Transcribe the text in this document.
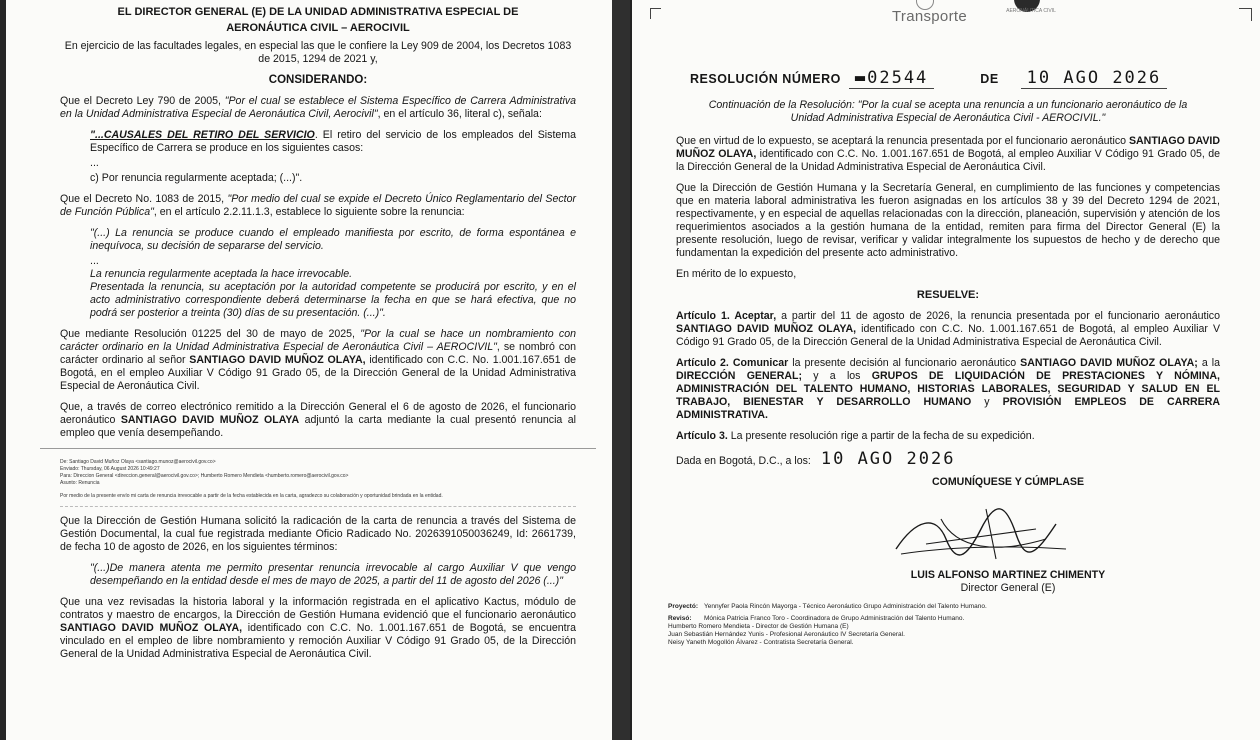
EL DIRECTOR GENERAL (E) DE LA UNIDAD ADMINISTRATIVA ESPECIAL DE

AERONÁUTICA CIVIL – AEROCIVIL

En ejercicio de las facultades legales, en especial las que le confiere la Ley 909 de 2004, los Decretos 1083 de 2015, 1294 de 2021 y,

CONSIDERANDO:

Que el Decreto Ley 790 de 2005, "Por el cual se establece el Sistema Específico de Carrera Administrativa en la Unidad Administrativa Especial de Aeronáutica Civil, Aerocivil", en el artículo 36, literal c), señala:

"...CAUSALES DEL RETIRO DEL SERVICIO. El retiro del servicio de los empleados del Sistema Específico de Carrera se produce en los siguientes casos:

...

c) Por renuncia regularmente aceptada; (...)".

Que el Decreto No. 1083 de 2015, "Por medio del cual se expide el Decreto Único Reglamentario del Sector de Función Pública", en el artículo 2.2.11.1.3, establece lo siguiente sobre la renuncia:

"(...) La renuncia se produce cuando el empleado manifiesta por escrito, de forma espontánea e inequívoca, su decisión de separarse del servicio.

...

La renuncia regularmente aceptada la hace irrevocable.

Presentada la renuncia, su aceptación por la autoridad competente se producirá por escrito, y en el acto administrativo correspondiente deberá determinarse la fecha en que se hará efectiva, que no podrá ser posterior a treinta (30) días de su presentación. (...)".

Que mediante Resolución 01225 del 30 de mayo de 2025, "Por la cual se hace un nombramiento con carácter ordinario en la Unidad Administrativa Especial de Aeronáutica Civil – AEROCIVIL", se nombró con carácter ordinario al señor SANTIAGO DAVID MUÑOZ OLAYA, identificado con C.C. No. 1.001.167.651 de Bogotá, en el empleo Auxiliar V Código 91 Grado 05, de la Dirección General de la Unidad Administrativa Especial de Aeronáutica Civil.

Que, a través de correo electrónico remitido a la Dirección General el 6 de agosto de 2026, el funcionario aeronáutico SANTIAGO DAVID MUÑOZ OLAYA adjuntó la carta mediante la cual presentó renuncia al empleo que venía desempeñando.

De: Santiago David Muñoz Olaya <santiago.munoz@aerocivil.gov.co>

Enviado: Thursday, 06 August 2026 10:49:27

Para: Direccion General <direccion.general@aerocivil.gov.co>; Humberto Romero Mendieta <humberto.romero@aerocivil.gov.co>

Asunto: Renuncia

Por medio de la presente envío mi carta de renuncia irrevocable a partir de la fecha establecida en la carta, agradezco su colaboración y oportunidad brindada en la entidad.

Que la Dirección de Gestión Humana solicitó la radicación de la carta de renuncia a través del Sistema de Gestión Documental, la cual fue registrada mediante Oficio Radicado No. 2026391050036249, Id: 2661739, de fecha 10 de agosto de 2026, en los siguientes términos:

"(...)De manera atenta me permito presentar renuncia irrevocable al cargo Auxiliar V que vengo desempeñando en la entidad desde el mes de mayo de 2025, a partir del 11 de agosto del 2026 (...)"

Que una vez revisadas la historia laboral y la información registrada en el aplicativo Kactus, módulo de contratos y maestro de encargos, la Dirección de Gestión Humana evidenció que el funcionario aeronáutico SANTIAGO DAVID MUÑOZ OLAYA, identificado con C.C. No. 1.001.167.651 de Bogotá, se encuentra vinculado en el empleo de libre nombramiento y remoción Auxiliar V Código 91 Grado 05, de la Dirección General de la Unidad Administrativa Especial de Aeronáutica Civil.

Transporte	AERONÁUTICA CIVIL
RESOLUCIÓN NÚMERO ▬02544	DE	10 AGO 2026

Continuación de la Resolución: "Por la cual se acepta una renuncia a un funcionario aeronáutico de la Unidad Administrativa Especial de Aeronáutica Civil - AEROCIVIL."

Que en virtud de lo expuesto, se aceptará la renuncia presentada por el funcionario aeronáutico SANTIAGO DAVID MUÑOZ OLAYA, identificado con C.C. No. 1.001.167.651 de Bogotá, al empleo Auxiliar V Código 91 Grado 05, de la Dirección General de la Unidad Administrativa Especial de Aeronáutica Civil.

Que la Dirección de Gestión Humana y la Secretaría General, en cumplimiento de las funciones y competencias que en materia laboral administrativa les fueron asignadas en los artículos 38 y 39 del Decreto 1294 de 2021, respectivamente, y en especial de aquellas relacionadas con la dirección, planeación, supervisión y atención de los requerimientos asociados a la gestión humana de la entidad, remiten para firma del Director General (E) la presente resolución, luego de revisar, verificar y validar integralmente los supuestos de hecho y de derecho que fundamentan la expedición del presente acto administrativo.

En mérito de lo expuesto,

RESUELVE:

Artículo 1. Aceptar, a partir del 11 de agosto de 2026, la renuncia presentada por el funcionario aeronáutico SANTIAGO DAVID MUÑOZ OLAYA, identificado con C.C. No. 1.001.167.651 de Bogotá, al empleo Auxiliar V Código 91 Grado 05, de la Dirección General de la Unidad Administrativa Especial de Aeronáutica Civil.

Artículo 2. Comunicar la presente decisión al funcionario aeronáutico SANTIAGO DAVID MUÑOZ OLAYA; a la DIRECCIÓN GENERAL; y a los GRUPOS DE LIQUIDACIÓN DE PRESTACIONES Y NÓMINA, ADMINISTRACIÓN DEL TALENTO HUMANO, HISTORIAS LABORALES, SEGURIDAD Y SALUD EN EL TRABAJO, BIENESTAR Y DESARROLLO HUMANO y PROVISIÓN EMPLEOS DE CARRERA ADMINISTRATIVA.

Artículo 3. La presente resolución rige a partir de la fecha de su expedición.

Dada en Bogotá, D.C., a los: 10 AGO 2026

COMUNÍQUESE Y CÚMPLASE

LUIS ALFONSO MARTINEZ CHIMENTY
Director General (E)

Proyectó: Yennyfer Paola Rincón Mayorga - Técnico Aeronáutico Grupo Administración del Talento Humano.

Revisó: Mónica Patricia Franco Toro - Coordinadora de Grupo Administración del Talento Humano.

Humberto Romero Mendieta - Director de Gestión Humana (E)

Juan Sebastián Hernández Yunis - Profesional Aeronáutico IV Secretaría General.

Neisy Yaneth Mogollón Álvarez - Contratista Secretaría General.
